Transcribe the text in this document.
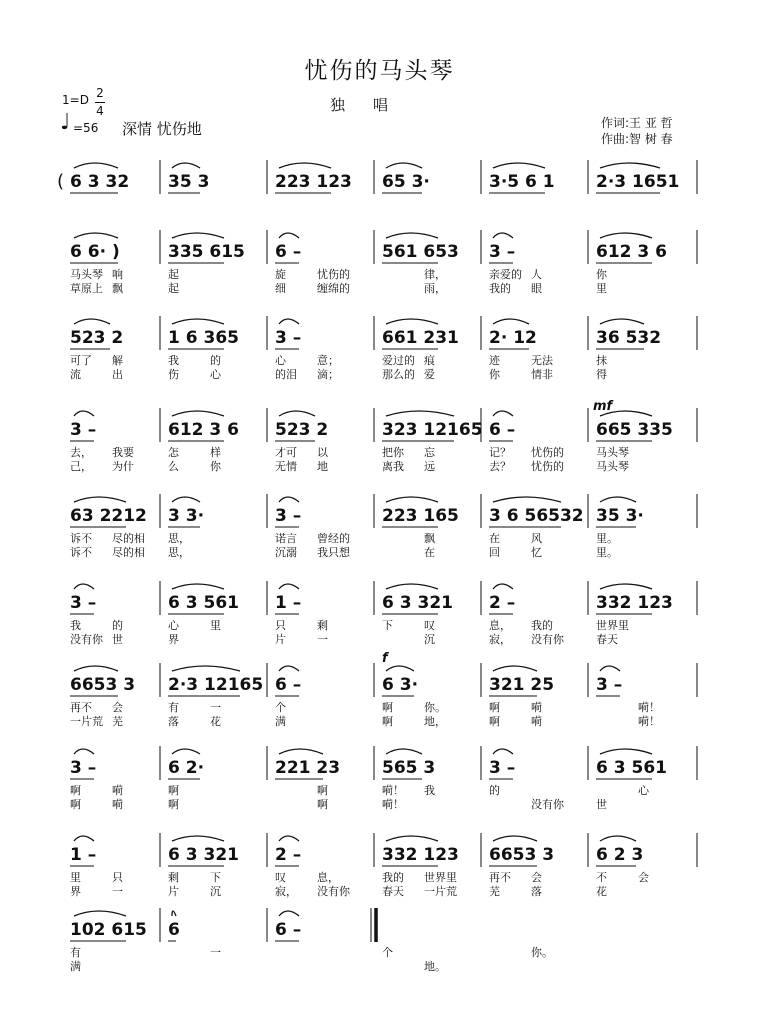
忧伤的马头琴
独唱
1=D 2
4
♩ =56 深情 忧伤地	作词:王 亚 哲
作曲:智 树 春
6 3 32 35 3	223 123 65 3·	3·5 6 1 2·3 1651
6 6· )	335 615 6 –	561 653 3 –	612 3 6
马头琴 响	起	忧伤的
旋	律，	亲爱的 人	你
草原上 飘	起	缠绵的
细	雨，	我的 眼	里
523 2	1 6 365 3 –	661 231 2· 12	36 532
可了 解	我	的	心	意；	爱过的 痕	迹	无法	抹
流	出	伤	心	的泪 滴；	那么的 爱	你	情非	得
3 –	612 3 6 523 2	323 12165 6 –	665 335
去， 我要	怎	样	才可 以	把你 忘	记？ 忧伤的	马头琴
己， 为什	么	你	无情 地	离我 远	去？ 忧伤的	马头琴
63 2212 3 3·	3 –	223 165 3 6 56532 35 3·
诉不 尽的相 思，	曾经的
诺言	飘	在	风	里。
诉不 尽的相 思，	我只想
沉溺	在	回	忆	里。
3 –	6 3 561 1 –	6 3 321 2 –	332 123
我	的	心	里	只	剩	下	叹	息， 我的	世界里
没有你 世	界	一
片	沉	寂， 没有你	春天
6653 3 2·3 12165 6 –	6 3·	321 25 3 –
再不 会	有	一	个	你。
啊	嗬
啊	嗬！
一片荒 芜	落	花	满	地，
啊	嗬
啊	嗬！
3 –	6 2·	221 23 565 3	3 –	6 3 561
啊	嗬	啊	啊	嗬！ 我	的	心
啊	嗬	啊	啊	嗬！	没有你	世
1 –	6 3 321 2 –	332 123 6653 3 6 2 3
里	只	剩	下	叹	息，	我的 世界里	再不 会	不	会
界	一	片	沉	寂， 没有你	春天 一片荒	芜	落	花
102 615 6	6 –
有	一	个	你。
满	地。
mf
f
(
